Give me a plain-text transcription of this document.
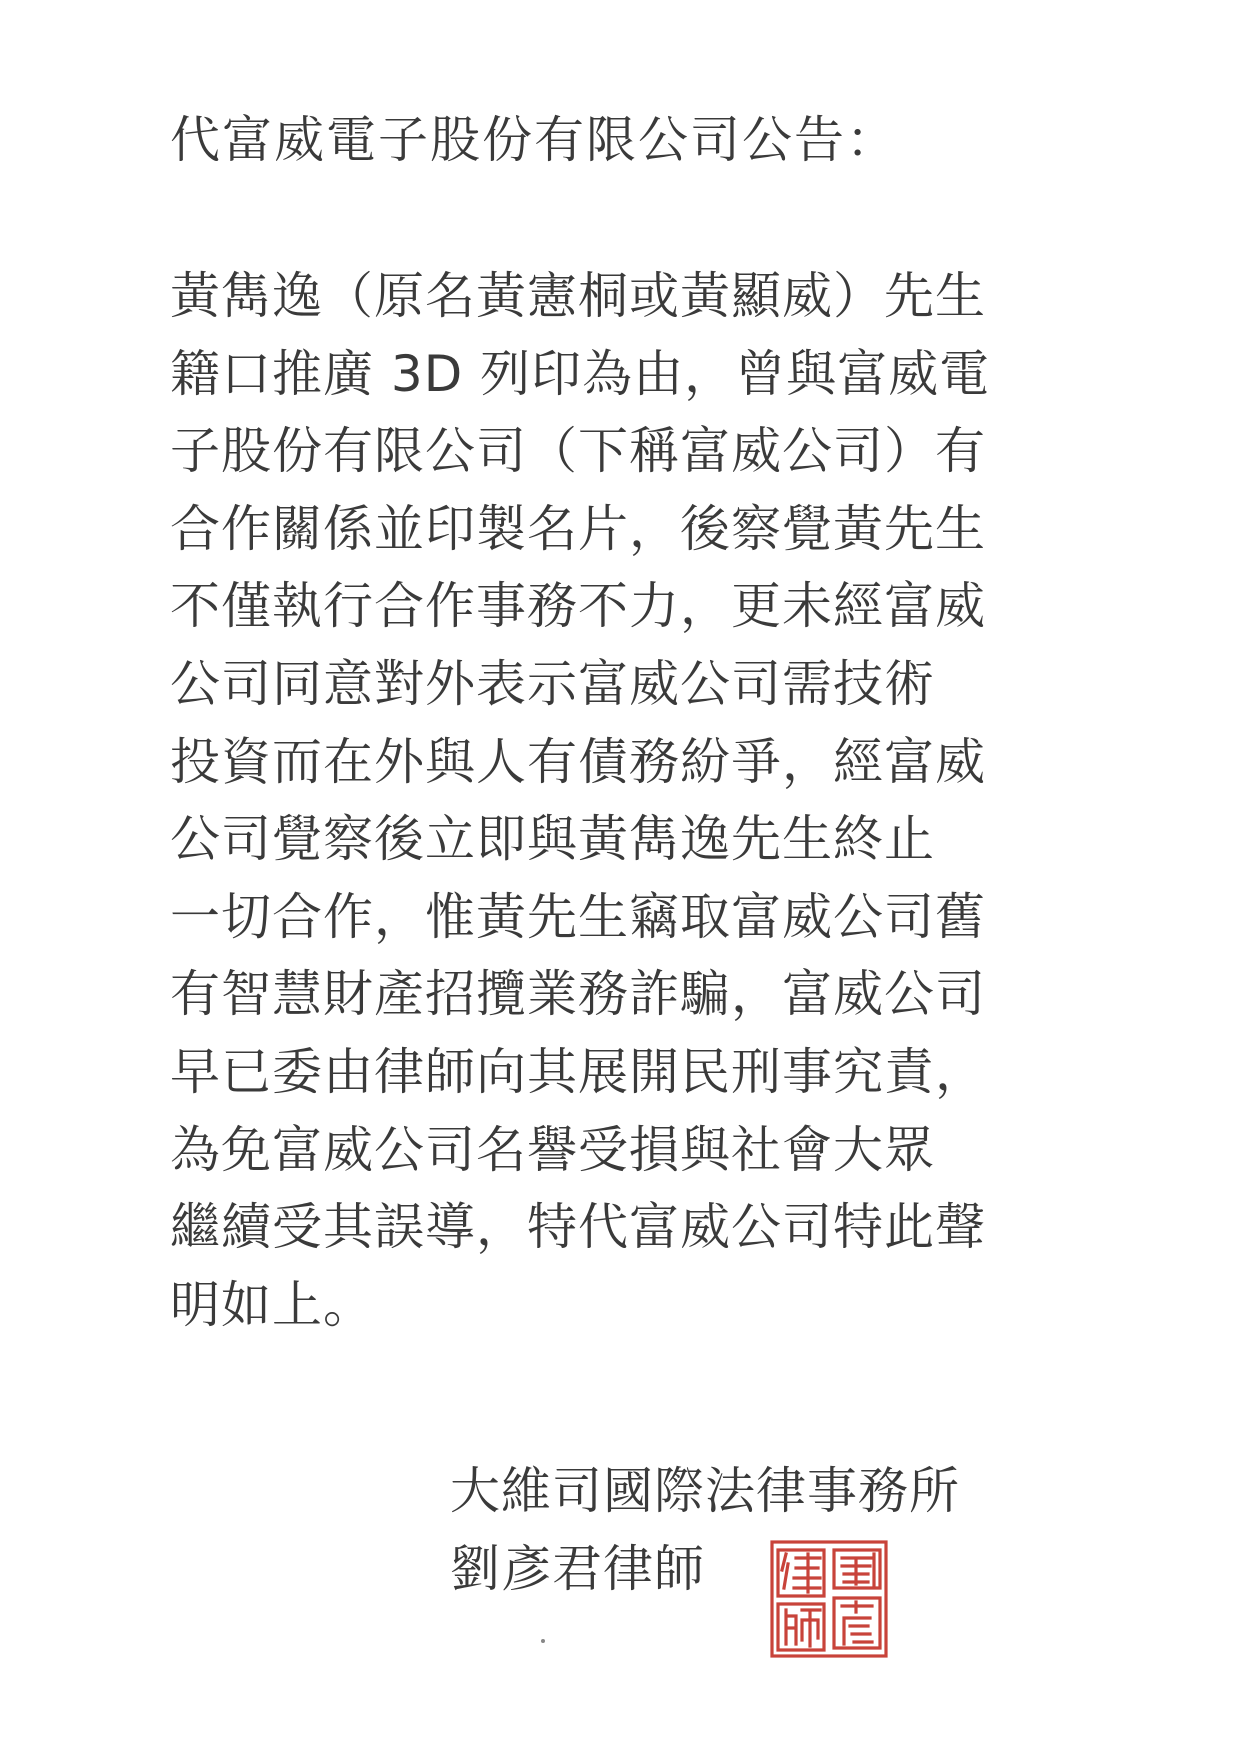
代富威電子股份有限公司公告：
黃雋逸（原名黃憲桐或黃顯威）先生
籍口推廣 3D 列印為由，曾與富威電
子股份有限公司（下稱富威公司）有
合作關係並印製名片，後察覺黃先生
不僅執行合作事務不力，更未經富威
公司同意對外表示富威公司需技術
投資而在外與人有債務紛爭，經富威
公司覺察後立即與黃雋逸先生終止
一切合作，惟黃先生竊取富威公司舊
有智慧財產招攬業務詐騙，富威公司
早已委由律師向其展開民刑事究責，
為免富威公司名譽受損與社會大眾
繼續受其誤導，特代富威公司特此聲
明如上。
大維司國際法律事務所
劉彥君律師
